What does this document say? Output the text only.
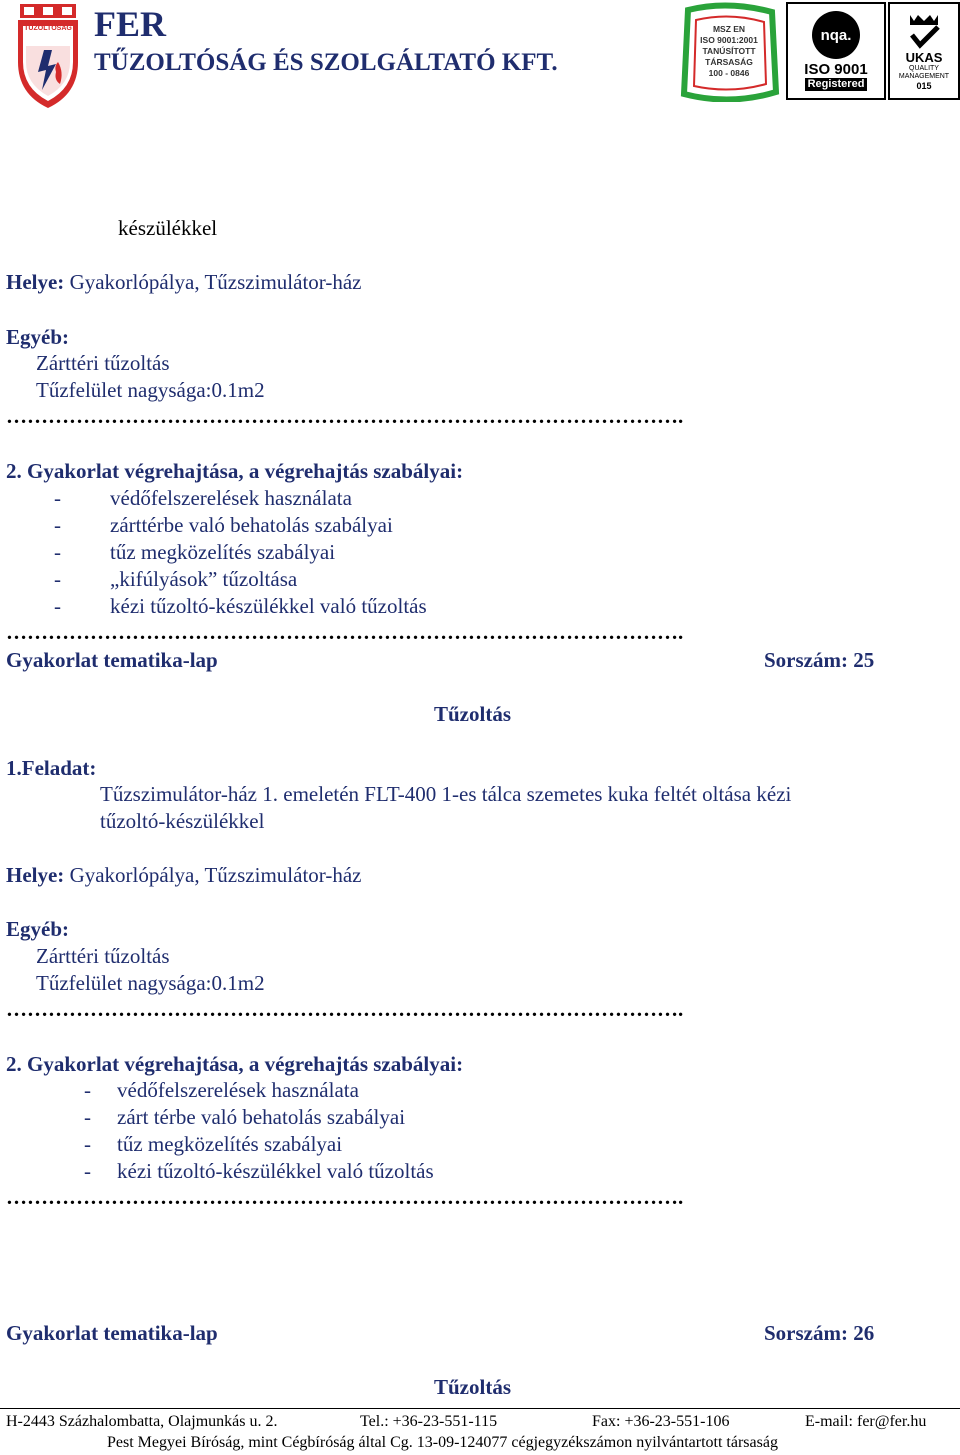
TŰZOLTÓSÁG FER
TŰZOLTÓSÁG ÉS SZOLGÁLTATÓ KFT.
MSZ EN
ISO 9001:2001
TANÚSÍTOTT
TÁRSASÁG
100 - 0846
nqa.
ISO 9001
Registered
UKAS
QUALITY
MANAGEMENT
015
készülékkel
Helye: Gyakorlópálya, Tűzszimulátor-ház
Egyéb:
Zárttéri tűzoltás
Tűzfelület nagysága:0.1m2
…………………………………………………………………………………….
2. Gyakorlat végrehajtása, a végrehajtás szabályai:
- védőfelszerelések használata
- zárttérbe való behatolás szabályai
- tűz megközelítés szabályai
- „kifúlyások” tűzoltása
- kézi tűzoltó-készülékkel való tűzoltás
…………………………………………………………………………………….
Gyakorlat tematika-lap	Sorszám: 25
Tűzoltás
1.Feladat:
Tűzszimulátor-ház 1. emeletén FLT-400 1-es tálca szemetes kuka feltét oltása kézi
tűzoltó-készülékkel
Helye: Gyakorlópálya, Tűzszimulátor-ház
Egyéb:
Zárttéri tűzoltás
Tűzfelület nagysága:0.1m2
…………………………………………………………………………………….
2. Gyakorlat végrehajtása, a végrehajtás szabályai:
- védőfelszerelések használata
- zárt térbe való behatolás szabályai
- tűz megközelítés szabályai
- kézi tűzoltó-készülékkel való tűzoltás
…………………………………………………………………………………….
Gyakorlat tematika-lap	Sorszám: 26
Tűzoltás
H-2443 Százhalombatta, Olajmunkás u. 2.	Tel.: +36-23-551-115	Fax: +36-23-551-106	E-mail: fer@fer.hu
Pest Megyei Bíróság, mint Cégbíróság által Cg. 13-09-124077 cégjegyzékszámon nyilvántartott társaság
